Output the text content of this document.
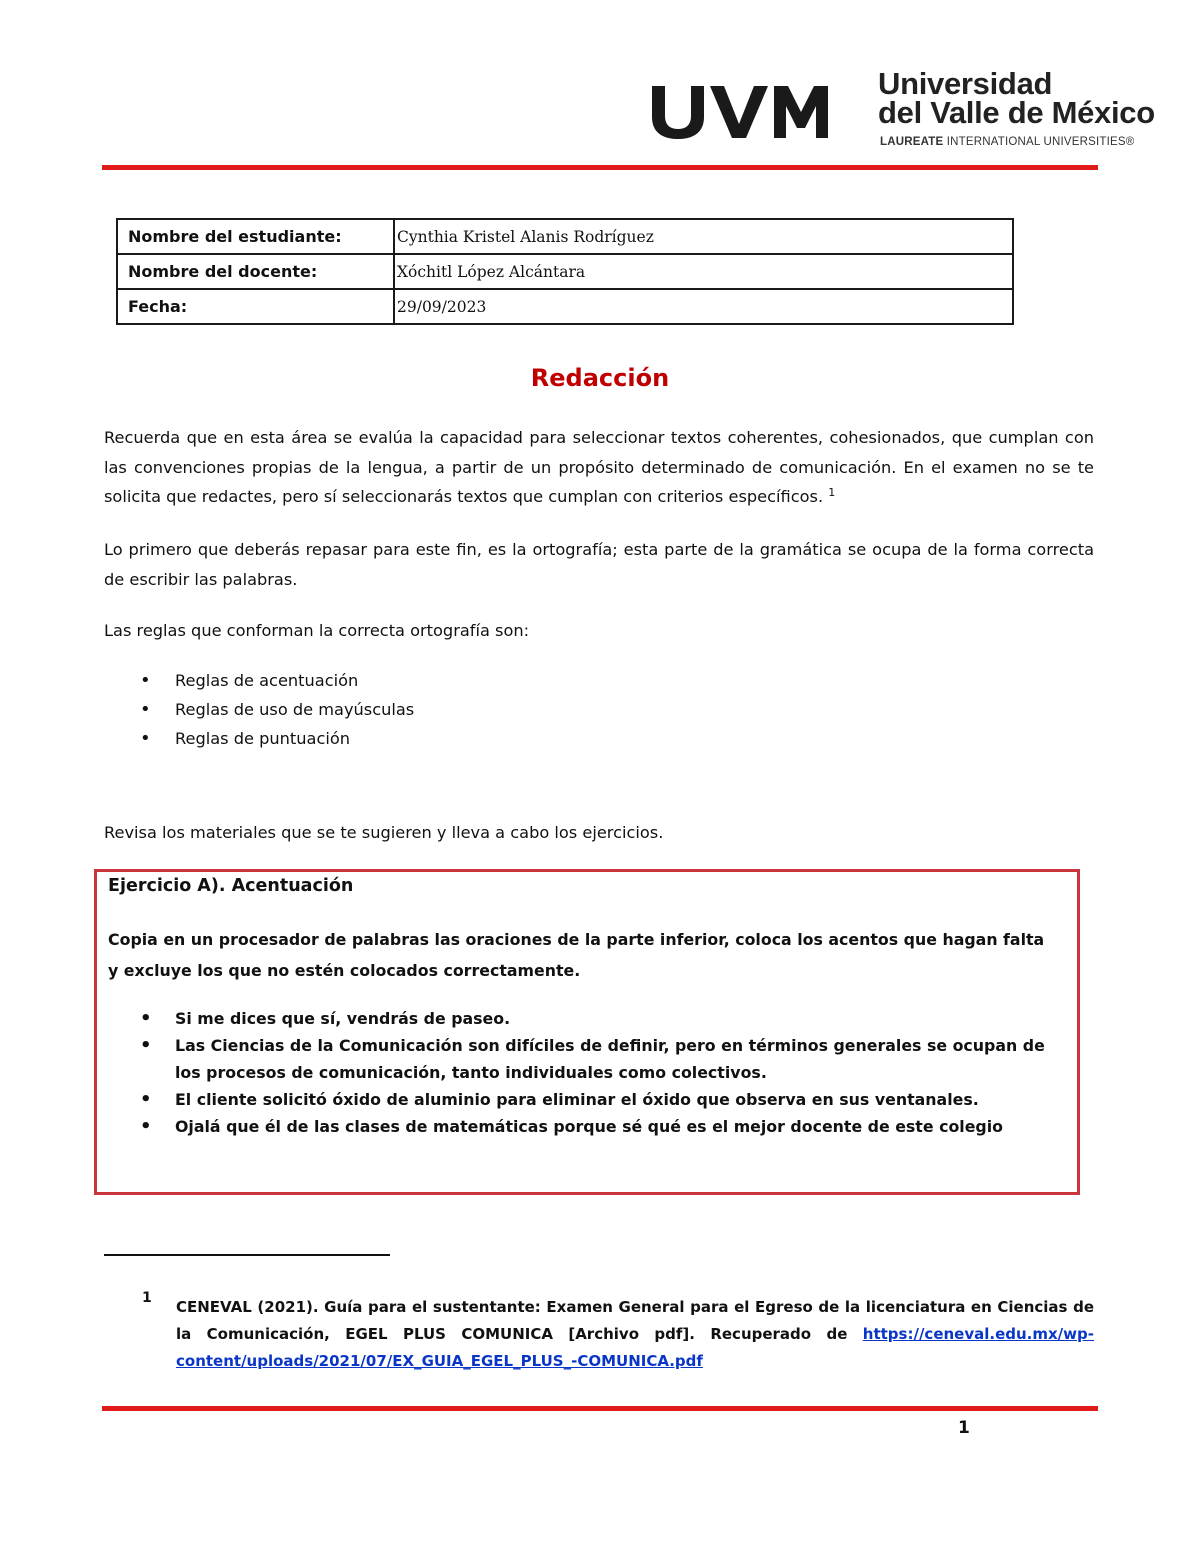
Universidad
del Valle de México
LAUREATE INTERNATIONAL UNIVERSITIES®
Nombre del estudiante:	Cynthia Kristel Alanis Rodríguez
Nombre del docente:	Xóchitl López Alcántara
Fecha:	29/09/2023
Redacción
Recuerda que en esta área se evalúa la capacidad para seleccionar textos coherentes, cohesionados, que cumplan con las convenciones propias de la lengua, a partir de un propósito determinado de comunicación. En el examen no se te solicita que redactes, pero sí seleccionarás textos que cumplan con criterios específicos. $^1$
Lo primero que deberás repasar para este fin, es la ortografía; esta parte de la gramática se ocupa de la forma correcta de escribir las palabras.
Las reglas que conforman la correcta ortografía son:
• Reglas de acentuación
• Reglas de uso de mayúsculas
• Reglas de puntuación
Revisa los materiales que se te sugieren y lleva a cabo los ejercicios.
Ejercicio A). Acentuación
Copia en un procesador de palabras las oraciones de la parte inferior, coloca los acentos que hagan falta y excluye los que no estén colocados correctamente.
• Si me dices que sí, vendrás de paseo.
• Las Ciencias de la Comunicación son difíciles de definir, pero en términos generales se ocupan de los procesos de comunicación, tanto individuales como colectivos.
• El cliente solicitó óxido de aluminio para eliminar el óxido que observa en sus ventanales.
• Ojalá que él de las clases de matemáticas porque sé qué es el mejor docente de este colegio
1 CENEVAL (2021). Guía para el sustentante: Examen General para el Egreso de la licenciatura en Ciencias de la Comunicación, EGEL PLUS COMUNICA [Archivo pdf]. Recuperado de https://ceneval.edu.mx/wp-content/uploads/2021/07/EX_GUIA_EGEL_PLUS_-COMUNICA.pdf
1
